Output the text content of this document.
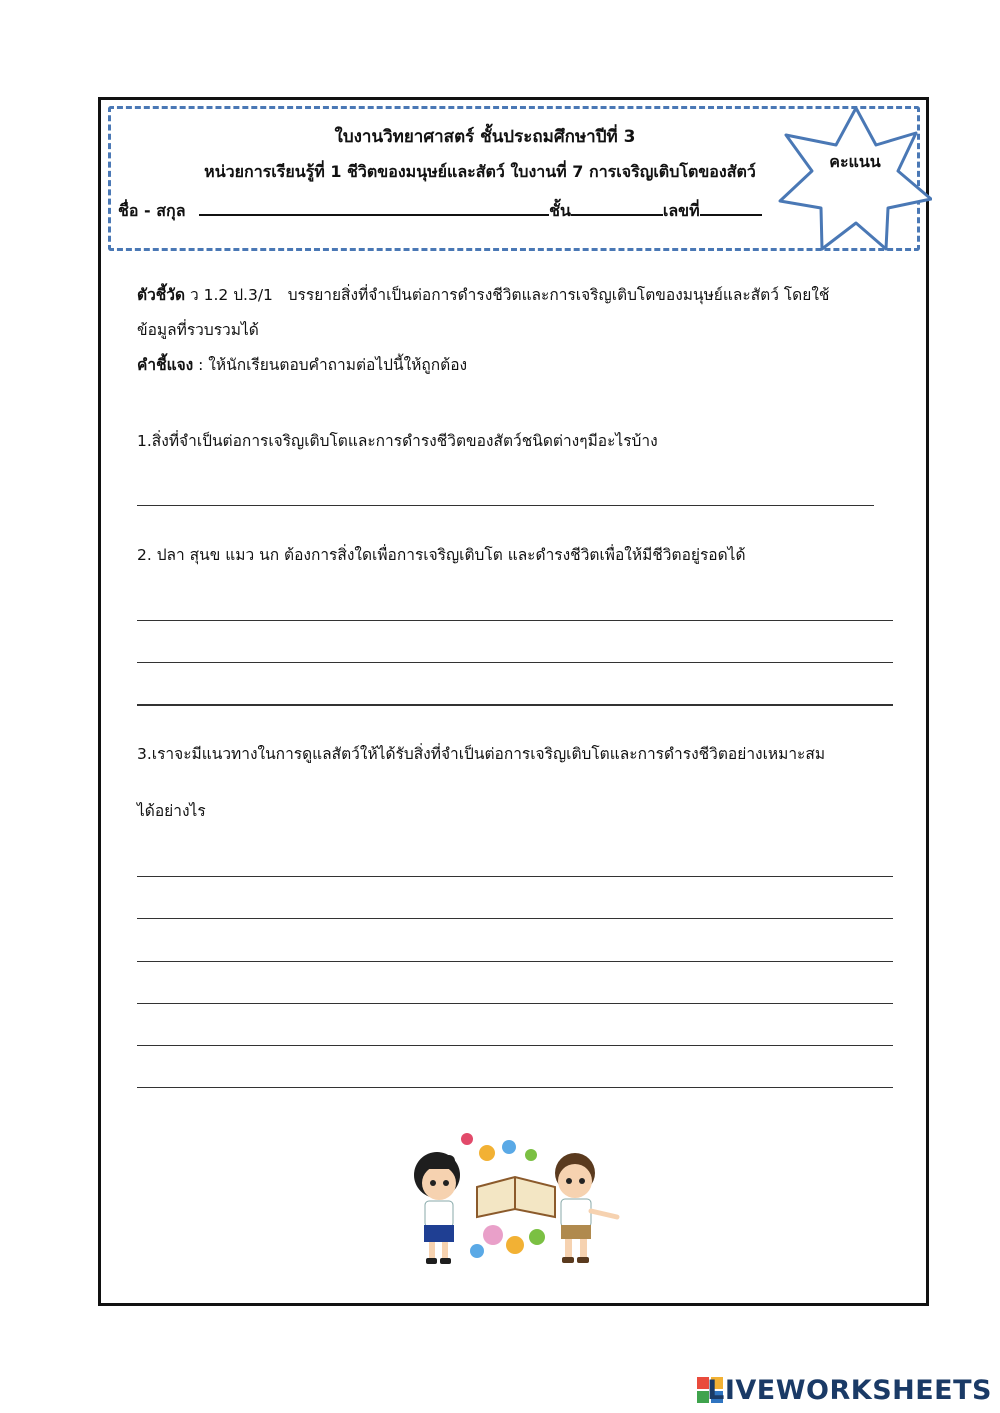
ใบงานวิทยาศาสตร์ ชั้นประถมศึกษาปีที่ 3
หน่วยการเรียนรู้ที่ 1 ชีวิตของมนุษย์และสัตว์ ใบงานที่ 7 การเจริญเติบโตของสัตว์
ชื่อ - สกุล	ชั้น	เลขที่
คะแนน
ตัวชี้วัด ว 1.2 ป.3/1 บรรยายสิ่งที่จำเป็นต่อการดำรงชีวิตและการเจริญเติบโตของมนุษย์และสัตว์ โดยใช้
ข้อมูลที่รวบรวมได้
คำชี้แจง : ให้นักเรียนตอบคำถามต่อไปนี้ให้ถูกต้อง
1.สิ่งที่จำเป็นต่อการเจริญเติบโตและการดำรงชีวิตของสัตว์ชนิดต่างๆมีอะไรบ้าง
2. ปลา สุนข แมว นก ต้องการสิ่งใดเพื่อการเจริญเติบโต และดำรงชีวิตเพื่อให้มีชีวิตอยู่รอดได้
3.เราจะมีแนวทางในการดูแลสัตว์ให้ได้รับสิ่งที่จำเป็นต่อการเจริญเติบโตและการดำรงชีวิตอย่างเหมาะสม
ได้อย่างไร
LIVEWORKSHEETS
